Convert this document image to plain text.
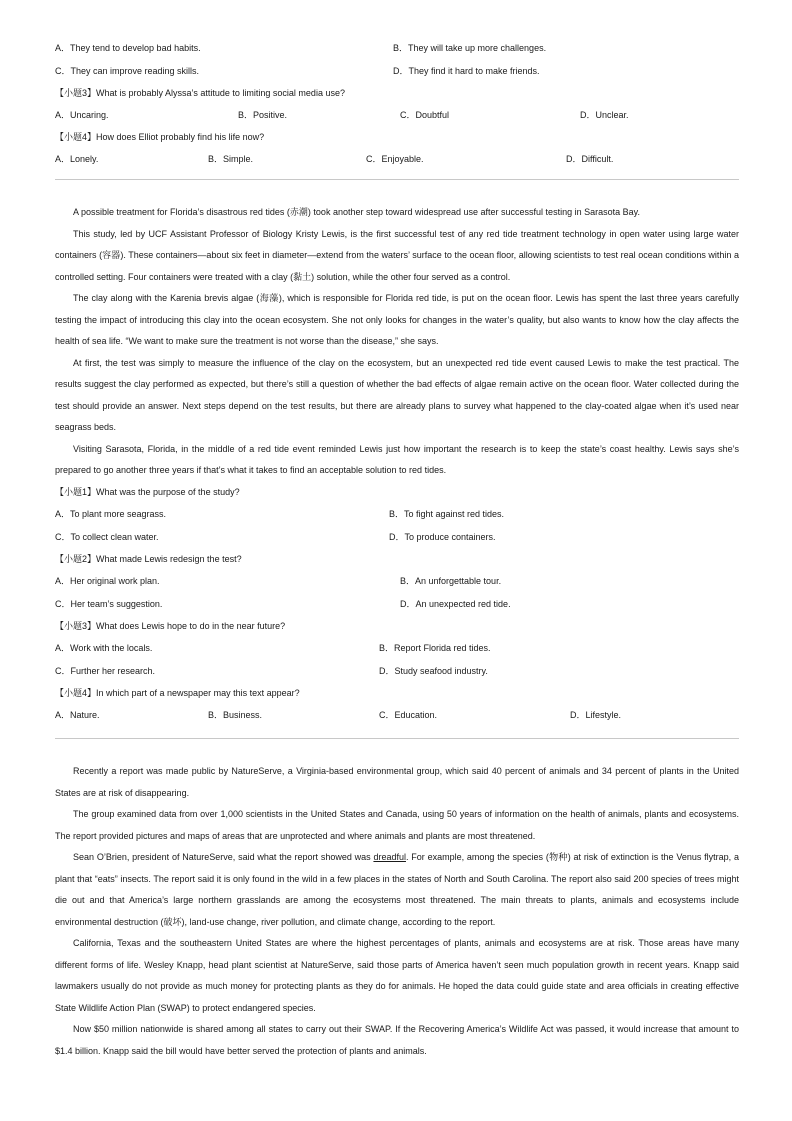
A．They tend to develop bad habits.	B．They will take up more challenges.
C．They can improve reading skills.	D．They find it hard to make friends.
【小题3】What is probably Alyssa’s attitude to limiting social media use?
A．Uncaring.	B．Positive.	C．Doubtful	D．Unclear.
【小题4】How does Elliot probably find his life now?
A．Lonely.	B．Simple.	C．Enjoyable.	D．Difficult.
A possible treatment for Florida’s disastrous red tides (赤潮) took another step toward widespread use after successful testing in Sarasota Bay.
This study, led by UCF Assistant Professor of Biology Kristy Lewis, is the first successful test of any red tide treatment technology in open water using large water containers (容器). These containers—about six feet in diameter—extend from the waters’ surface to the ocean floor, allowing scientists to test real ocean conditions within a controlled setting. Four containers were treated with a clay (黏土) solution, while the other four served as a control.
The clay along with the Karenia brevis algae (海藻), which is responsible for Florida red tide, is put on the ocean floor. Lewis has spent the last three years carefully testing the impact of introducing this clay into the ocean ecosystem. She not only looks for changes in the water’s quality, but also wants to know how the clay affects the health of sea life. “We want to make sure the treatment is not worse than the disease,” she says.
At first, the test was simply to measure the influence of the clay on the ecosystem, but an unexpected red tide event caused Lewis to make the test practical. The results suggest the clay performed as expected, but there’s still a question of whether the bad effects of algae remain active on the ocean floor. Water collected during the test should provide an answer. Next steps depend on the test results, but there are already plans to survey what happened to the clay-coated algae when it’s used near seagrass beds.
Visiting Sarasota, Florida, in the middle of a red tide event reminded Lewis just how important the research is to keep the state’s coast healthy. Lewis says she’s prepared to go another three years if that’s what it takes to find an acceptable solution to red tides.
【小题1】What was the purpose of the study?
A．To plant more seagrass.	B．To fight against red tides.
C．To collect clean water.	D．To produce containers.
【小题2】What made Lewis redesign the test?
A．Her original work plan.	B．An unforgettable tour.
C．Her team’s suggestion.	D．An unexpected red tide.
【小题3】What does Lewis hope to do in the near future?
A．Work with the locals.	B．Report Florida red tides.
C．Further her research.	D．Study seafood industry.
【小题4】In which part of a newspaper may this text appear?
A．Nature.	B．Business.	C．Education.	D．Lifestyle.
Recently a report was made public by NatureServe, a Virginia-based environmental group, which said 40 percent of animals and 34 percent of plants in the United States are at risk of disappearing.
The group examined data from over 1,000 scientists in the United States and Canada, using 50 years of information on the health of animals, plants and ecosystems. The report provided pictures and maps of areas that are unprotected and where animals and plants are most threatened.
Sean O’Brien, president of NatureServe, said what the report showed was dreadful. For example, among the species (物种) at risk of extinction is the Venus flytrap, a plant that “eats” insects. The report said it is only found in the wild in a few places in the states of North and South Carolina. The report also said 200 species of trees might die out and that America’s large northern grasslands are among the ecosystems most threatened. The main threats to plants, animals and ecosystems include environmental destruction (破坏), land-use change, river pollution, and climate change, according to the report.
California, Texas and the southeastern United States are where the highest percentages of plants, animals and ecosystems are at risk. Those areas have many different forms of life. Wesley Knapp, head plant scientist at NatureServe, said those parts of America haven’t seen much population growth in recent years. Knapp said lawmakers usually do not provide as much money for protecting plants as they do for animals. He hoped the data could guide state and area officials in creating effective State Wildlife Action Plan (SWAP) to protect endangered species.
Now $50 million nationwide is shared among all states to carry out their SWAP. If the Recovering America’s Wildlife Act was passed, it would increase that amount to $1.4 billion. Knapp said the bill would have better served the protection of plants and animals.
